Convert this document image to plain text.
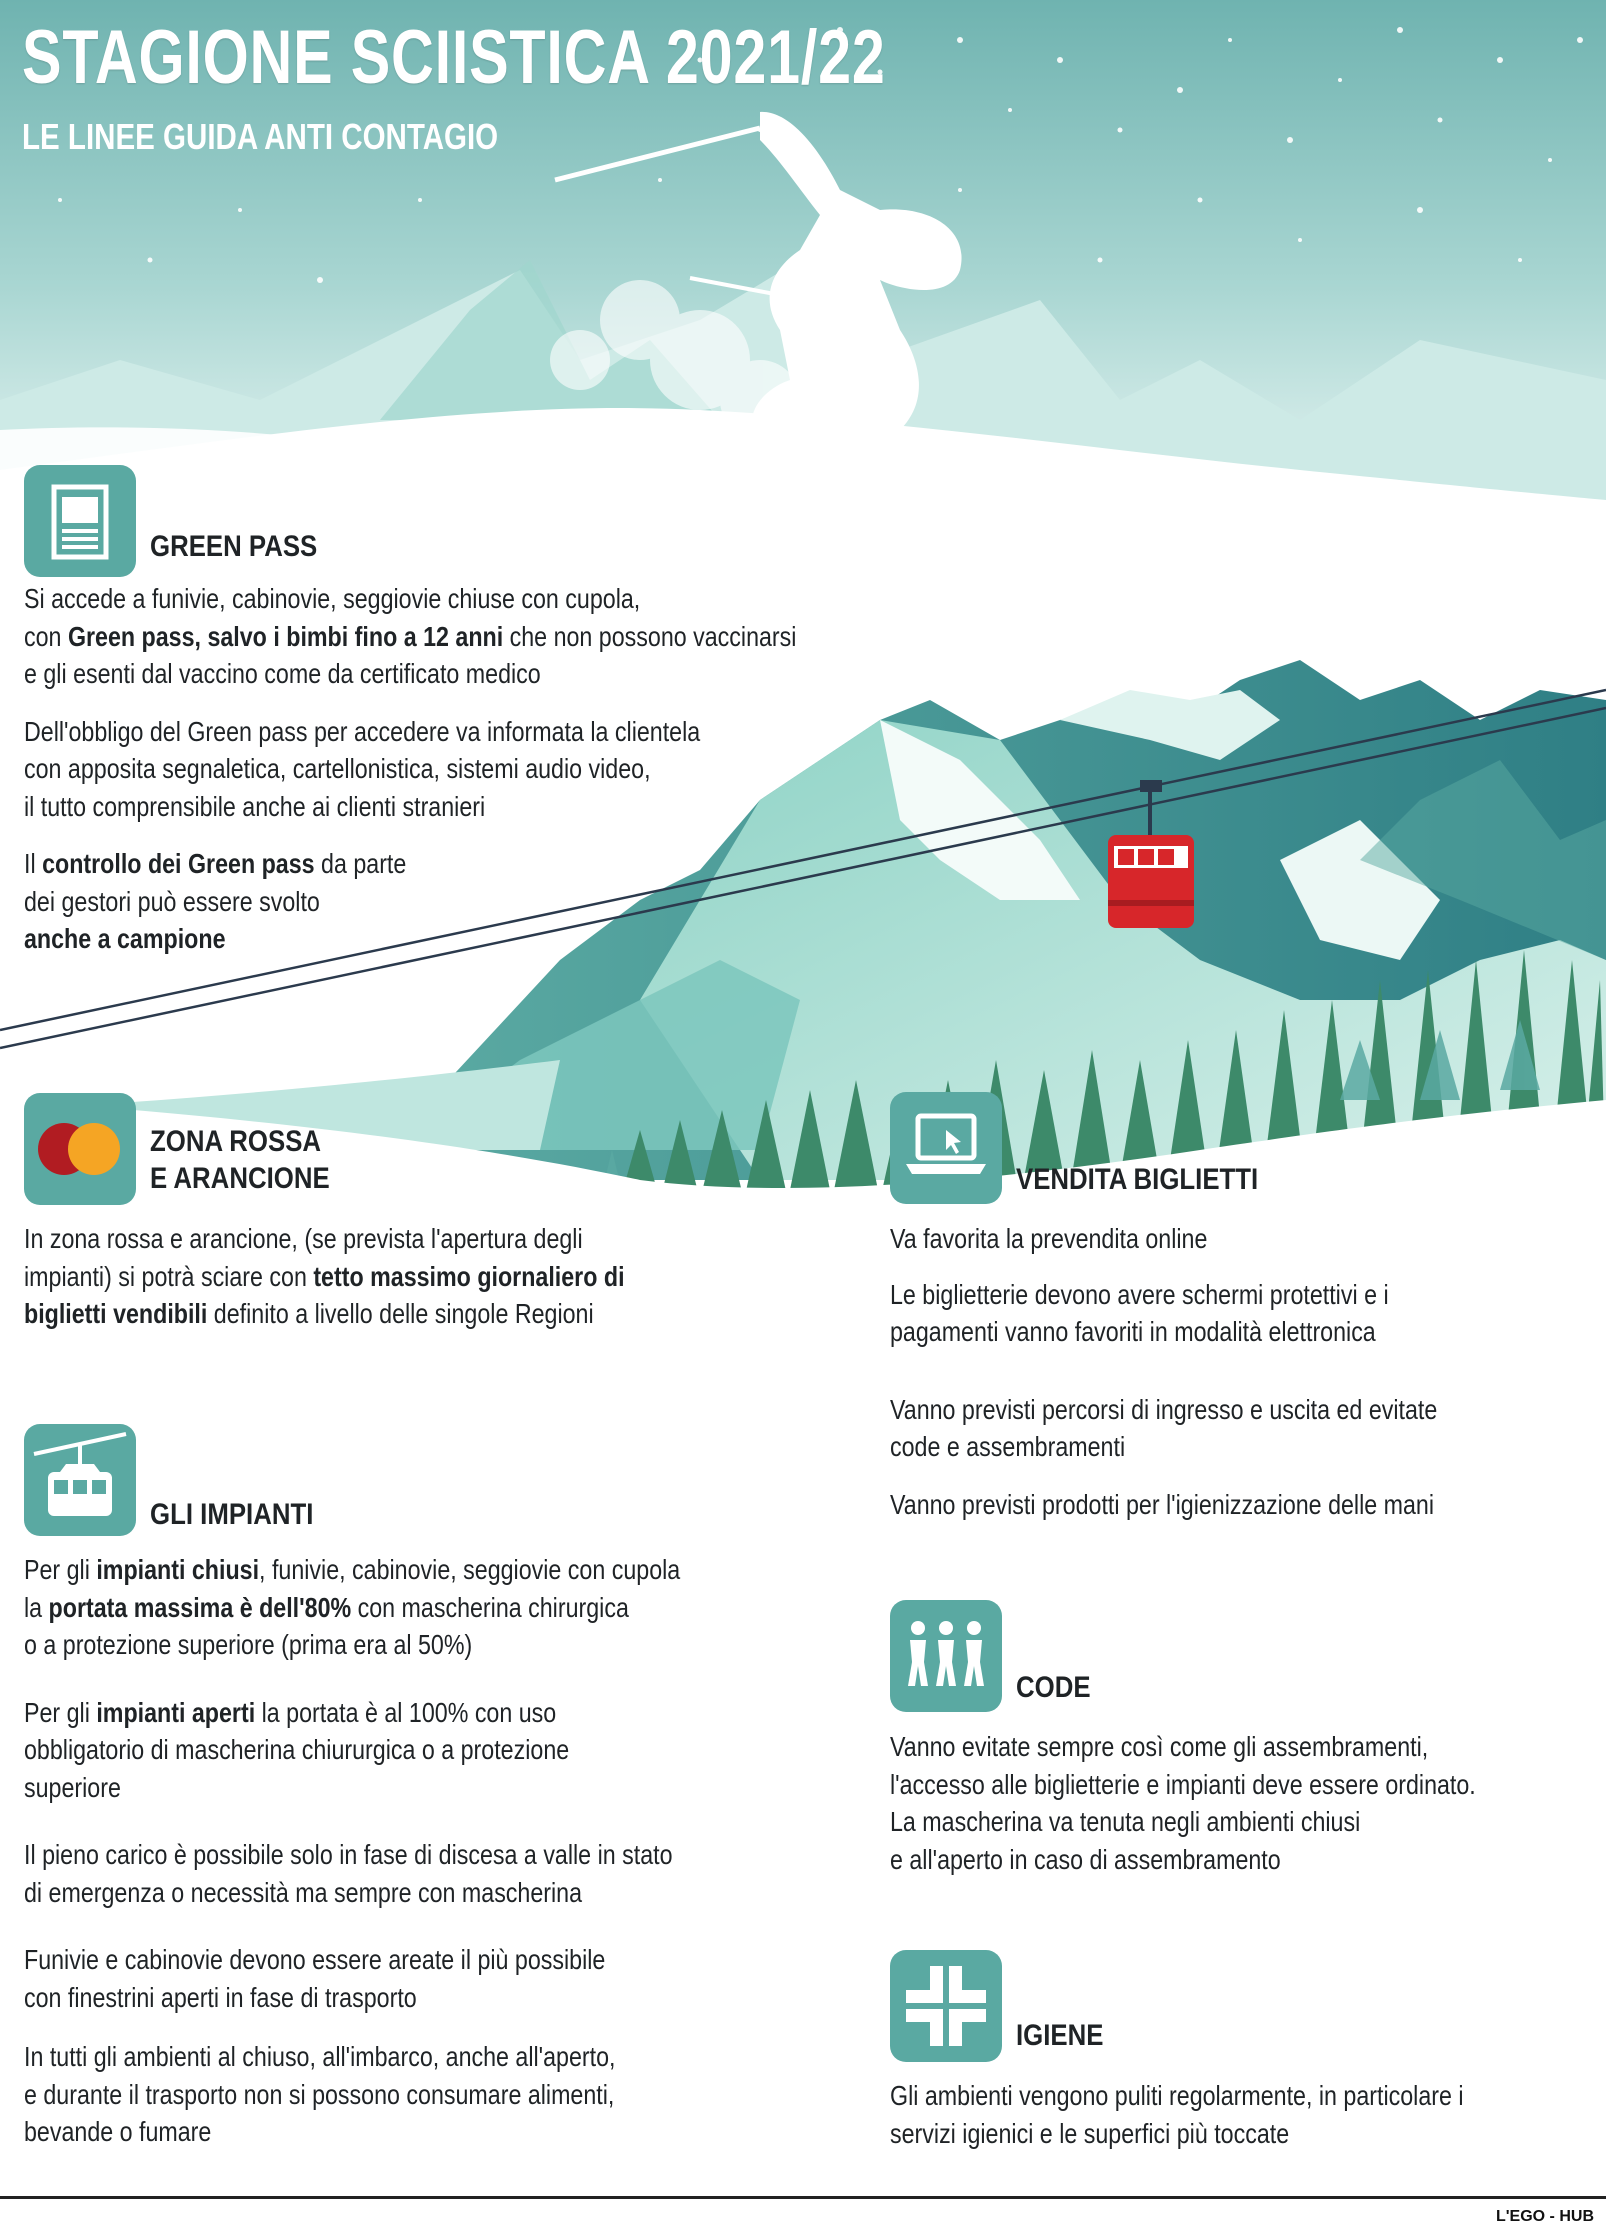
STAGIONE SCIISTICA 2021/22
LE LINEE GUIDA ANTI CONTAGIO
GREEN PASS
Si accede a funivie, cabinovie, seggiovie chiuse con cupola,
con Green pass, salvo i bimbi fino a 12 anni che non possono vaccinarsi
e gli esenti dal vaccino come da certificato medico
Dell'obbligo del Green pass per accedere va informata la clientela
con apposita segnaletica, cartellonistica, sistemi audio video,
il tutto comprensibile anche ai clienti stranieri
Il controllo dei Green pass da parte
dei gestori può essere svolto
anche a campione
ZONA ROSSA
E ARANCIONE
In zona rossa e arancione, (se prevista l'apertura degli
impianti) si potrà sciare con tetto massimo giornaliero di
biglietti vendibili definito a livello delle singole Regioni
GLI IMPIANTI
Per gli impianti chiusi, funivie, cabinovie, seggiovie con cupola
la portata massima è dell'80% con mascherina chirurgica
o a protezione superiore (prima era al 50%)
Per gli impianti aperti la portata è al 100% con uso
obbligatorio di mascherina chiururgica o a protezione
superiore
Il pieno carico è possibile solo in fase di discesa a valle in stato
di emergenza o necessità ma sempre con mascherina
Funivie e cabinovie devono essere areate il più possibile
con finestrini aperti in fase di trasporto
In tutti gli ambienti al chiuso, all'imbarco, anche all'aperto,
e durante il trasporto non si possono consumare alimenti,
bevande o fumare
VENDITA BIGLIETTI
Va favorita la prevendita online
Le biglietterie devono avere schermi protettivi e i
pagamenti vanno favoriti in modalità elettronica
Vanno previsti percorsi di ingresso e uscita ed evitate
code e assembramenti
Vanno previsti prodotti per l'igienizzazione delle mani
CODE
Vanno evitate sempre così come gli assembramenti,
l'accesso alle biglietterie e impianti deve essere ordinato.
La mascherina va tenuta negli ambienti chiusi
e all'aperto in caso di assembramento
IGIENE
Gli ambienti vengono puliti regolarmente, in particolare i
servizi igienici e le superfici più toccate
L'EGO - HUB
